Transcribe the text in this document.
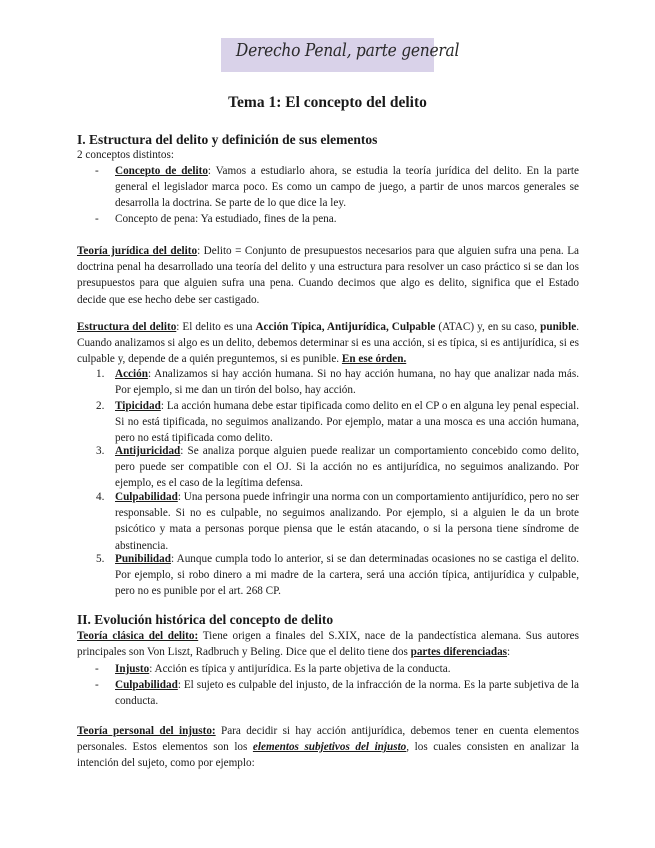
Derecho Penal, parte general
Tema 1: El concepto del delito
I. Estructura del delito y definición de sus elementos
2 conceptos distintos:
- Concepto de delito: Vamos a estudiarlo ahora, se estudia la teoría jurídica del delito. En la parte general el legislador marca poco. Es como un campo de juego, a partir de unos marcos generales se desarrolla la doctrina. Se parte de lo que dice la ley.
- Concepto de pena: Ya estudiado, fines de la pena.
Teoría jurídica del delito: Delito = Conjunto de presupuestos necesarios para que alguien sufra una pena. La doctrina penal ha desarrollado una teoría del delito y una estructura para resolver un caso práctico si se dan los presupuestos para que alguien sufra una pena. Cuando decimos que algo es delito, significa que el Estado decide que ese hecho debe ser castigado.
Estructura del delito: El delito es una Acción Típica, Antijurídica, Culpable (ATAC) y, en su caso, punible. Cuando analizamos si algo es un delito, debemos determinar si es una acción, si es típica, si es antijurídica, si es culpable y, depende de a quién preguntemos, si es punible. En ese órden.
1. Acción: Analizamos si hay acción humana. Si no hay acción humana, no hay que analizar nada más. Por ejemplo, si me dan un tirón del bolso, hay acción.
2. Tipicidad: La acción humana debe estar tipificada como delito en el CP o en alguna ley penal especial. Si no está tipificada, no seguimos analizando. Por ejemplo, matar a una mosca es una acción humana, pero no está tipificada como delito.
3. Antijuricidad: Se analiza porque alguien puede realizar un comportamiento concebido como delito, pero puede ser compatible con el OJ. Si la acción no es antijurídica, no seguimos analizando. Por ejemplo, es el caso de la legítima defensa.
4. Culpabilidad: Una persona puede infringir una norma con un comportamiento antijurídico, pero no ser responsable. Si no es culpable, no seguimos analizando. Por ejemplo, si a alguien le da un brote psicótico y mata a personas porque piensa que le están atacando, o si la persona tiene síndrome de abstinencia.
5. Punibilidad: Aunque cumpla todo lo anterior, si se dan determinadas ocasiones no se castiga el delito. Por ejemplo, si robo dinero a mi madre de la cartera, será una acción típica, antijurídica y culpable, pero no es punible por el art. 268 CP.
II. Evolución histórica del concepto de delito
Teoría clásica del delito: Tiene origen a finales del S.XIX, nace de la pandectística alemana. Sus autores principales son Von Liszt, Radbruch y Beling. Dice que el delito tiene dos partes diferenciadas:
- Injusto: Acción es típica y antijurídica. Es la parte objetiva de la conducta.
- Culpabilidad: El sujeto es culpable del injusto, de la infracción de la norma. Es la parte subjetiva de la conducta.
Teoría personal del injusto: Para decidir si hay acción antijurídica, debemos tener en cuenta elementos personales. Estos elementos son los elementos subjetivos del injusto, los cuales consisten en analizar la intención del sujeto, como por ejemplo:
